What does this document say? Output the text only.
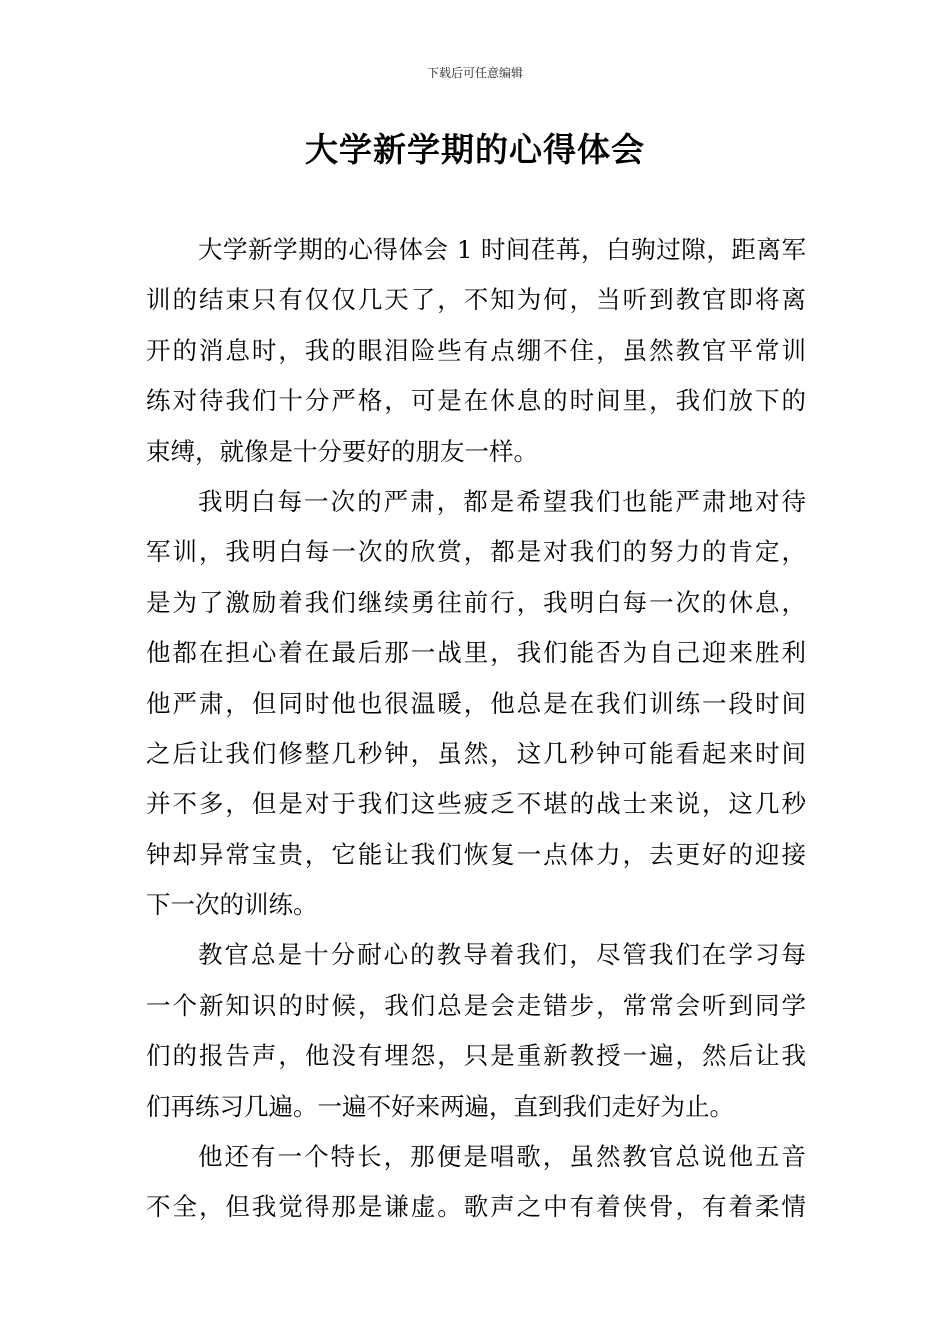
下载后可任意编辑
大学新学期的心得体会
大学新学期的心得体会 1 时间荏苒，白驹过隙，距离军
训的结束只有仅仅几天了，不知为何，当听到教官即将离
开的消息时，我的眼泪险些有点绷不住，虽然教官平常训
练对待我们十分严格，可是在休息的时间里，我们放下的
束缚，就像是十分要好的朋友一样。
我明白每一次的严肃，都是希望我们也能严肃地对待
军训，我明白每一次的欣赏，都是对我们的努力的肯定，
是为了激励着我们继续勇往前行，我明白每一次的休息，
他都在担心着在最后那一战里，我们能否为自己迎来胜利
他严肃，但同时他也很温暖，他总是在我们训练一段时间
之后让我们修整几秒钟，虽然，这几秒钟可能看起来时间
并不多，但是对于我们这些疲乏不堪的战士来说，这几秒
钟却异常宝贵，它能让我们恢复一点体力，去更好的迎接
下一次的训练。
教官总是十分耐心的教导着我们，尽管我们在学习每
一个新知识的时候，我们总是会走错步，常常会听到同学
们的报告声，他没有埋怨，只是重新教授一遍，然后让我
们再练习几遍。一遍不好来两遍，直到我们走好为止。
他还有一个特长，那便是唱歌，虽然教官总说他五音
不全，但我觉得那是谦虚。歌声之中有着侠骨，有着柔情
